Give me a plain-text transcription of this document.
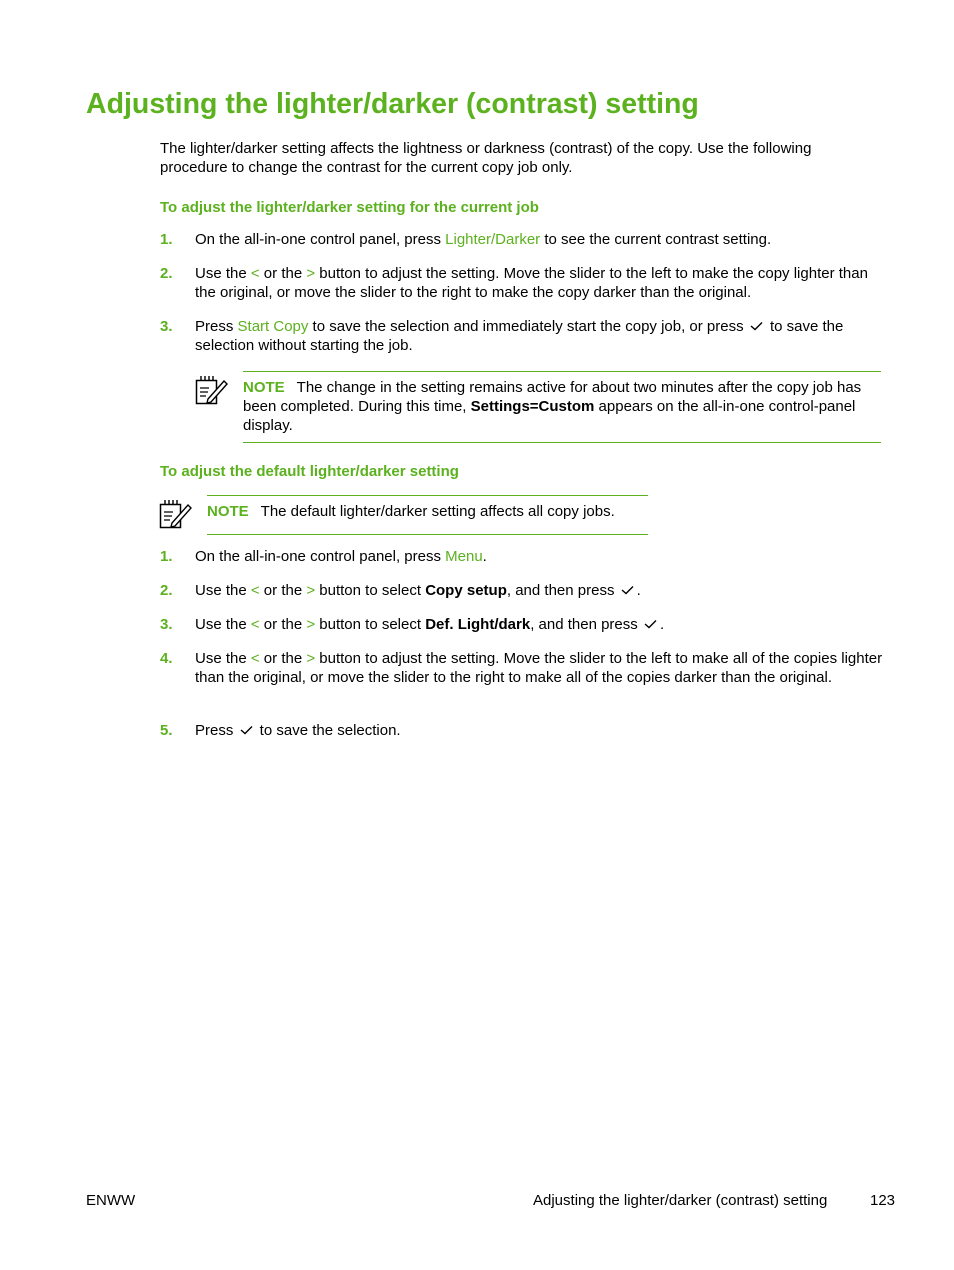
Adjusting the lighter/darker (contrast) setting
The lighter/darker setting affects the lightness or darkness (contrast) of the copy. Use the following procedure to change the contrast for the current copy job only.
To adjust the lighter/darker setting for the current job
1. On the all-in-one control panel, press Lighter/Darker to see the current contrast setting.
2. Use the < or the > button to adjust the setting. Move the slider to the left to make the copy lighter than the original, or move the slider to the right to make the copy darker than the original.
3. Press Start Copy to save the selection and immediately start the copy job, or press  to save the selection without starting the job.
NOTE The change in the setting remains active for about two minutes after the copy job has been completed. During this time, Settings=Custom appears on the all-in-one control-panel display.
To adjust the default lighter/darker setting
NOTE The default lighter/darker setting affects all copy jobs.
1. On the all-in-one control panel, press Menu.
2. Use the < or the > button to select Copy setup, and then press .
3. Use the < or the > button to select Def. Light/dark, and then press .
4. Use the < or the > button to adjust the setting. Move the slider to the left to make all of the copies lighter than the original, or move the slider to the right to make all of the copies darker than the original.
5. Press  to save the selection.
ENWW	Adjusting the lighter/darker (contrast) setting	123
